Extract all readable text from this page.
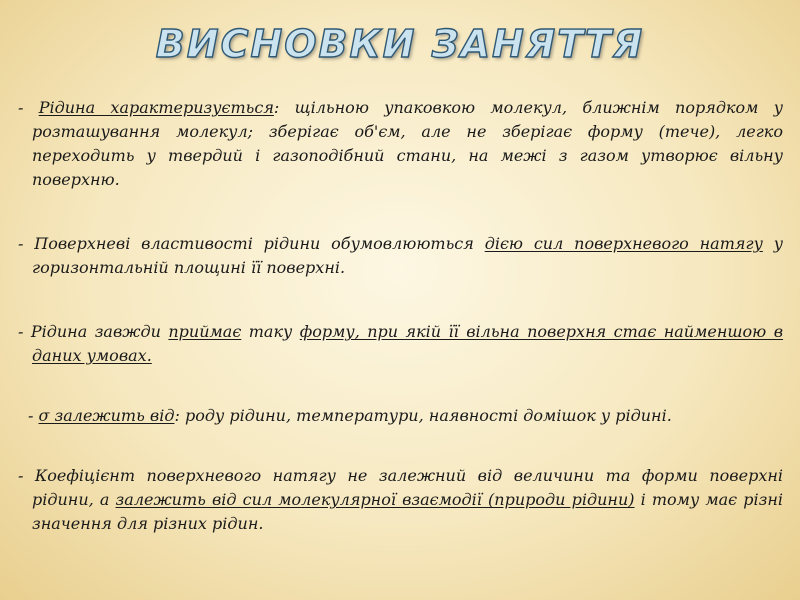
ВИСНОВКИ ЗАНЯТТЯ

- Рідина характеризується: щільною упаковкою молекул, ближнім порядком у розташування молекул; зберігає об'єм, але не зберігає форму (тече), легко переходить у твердий і газоподібний стани, на межі з газом утворює вільну поверхню.

- Поверхневі властивості рідини обумовлюються дією сил поверхневого натягу у горизонтальній площині її поверхні.

- Рідина завжди приймає таку форму, при якій її вільна поверхня стає найменшою в даних умовах.

- σ залежить від: роду рідини, температури, наявності домішок у рідині.

- Коефіцієнт поверхневого натягу не залежний від величини та форми поверхні рідини, а залежить від сил молекулярної взаємодії (природи рідини) і тому має різні значення для різних рідин.
